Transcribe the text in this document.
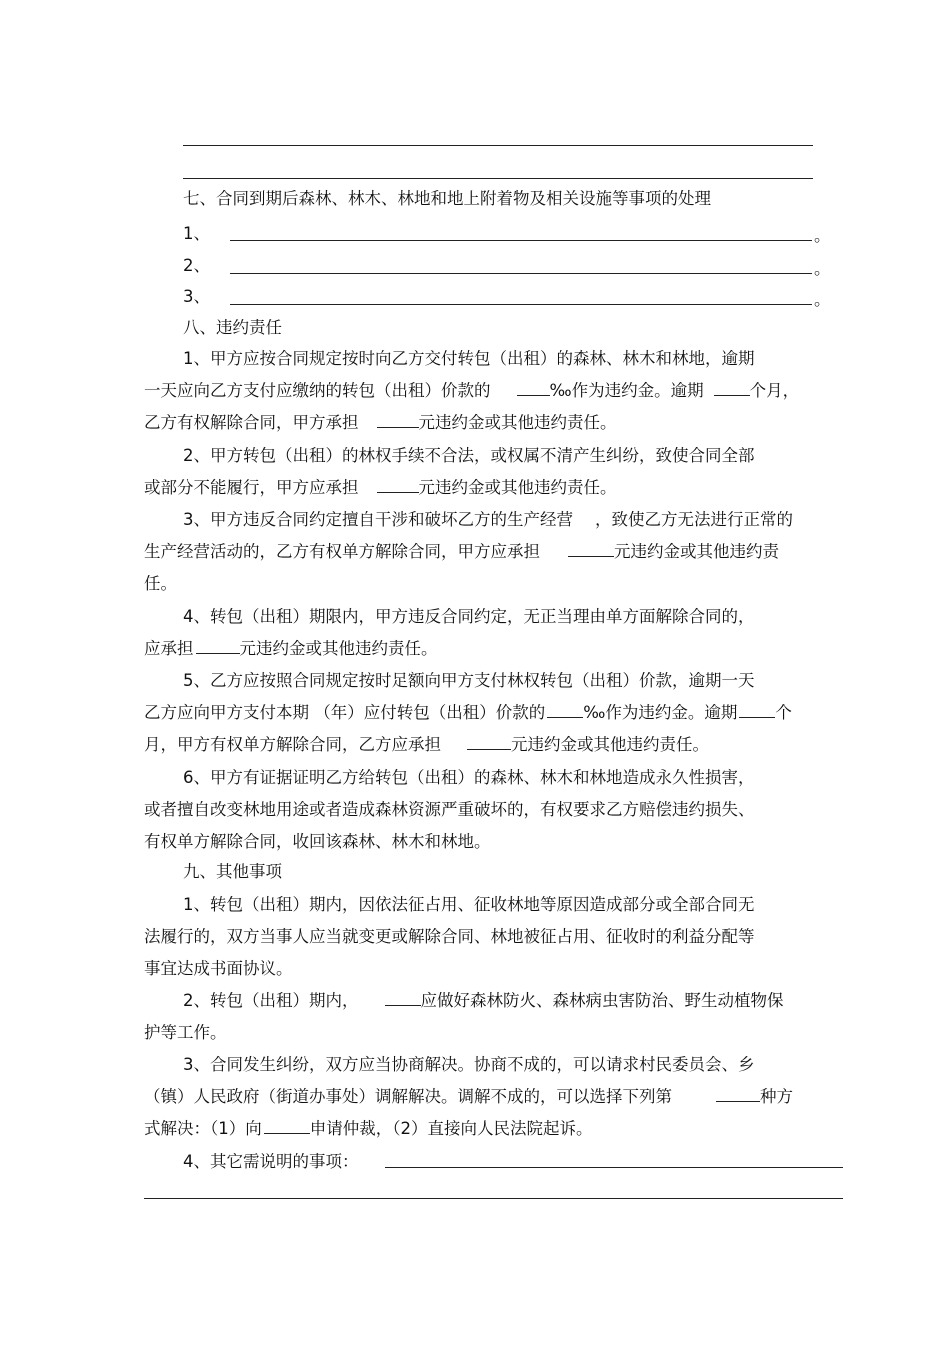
七、合同到期后森林、林木、林地和地上附着物及相关设施等事项的处理
1、	。
2、	。
3、	。
八、违约责任
1、甲方应按合同规定按时向乙方交付转包（出租）的森林、林木和林地，逾期
一天应向乙方支付应缴纳的转包（出租）价款的	‰作为违约金。逾期	个月，
乙方有权解除合同，甲方承担	元违约金或其他违约责任。
2、甲方转包（出租）的林权手续不合法，或权属不清产生纠纷，致使合同全部
或部分不能履行，甲方应承担	元违约金或其他违约责任。
3、甲方违反合同约定擅自干涉和破坏乙方的生产经营 ，致使乙方无法进行正常的
生产经营活动的，乙方有权单方解除合同，甲方应承担	元违约金或其他违约责
任。
4、转包（出租）期限内，甲方违反合同约定，无正当理由单方面解除合同的，
应承担	元违约金或其他违约责任。
5、乙方应按照合同规定按时足额向甲方支付林权转包（出租）价款，逾期一天
乙方应向甲方支付本期 （年）应付转包（出租）价款的 ‰作为违约金。逾期 个
月，甲方有权单方解除合同，乙方应承担	元违约金或其他违约责任。
6、甲方有证据证明乙方给转包（出租）的森林、林木和林地造成永久性损害，
或者擅自改变林地用途或者造成森林资源严重破坏的，有权要求乙方赔偿违约损失、
有权单方解除合同，收回该森林、林木和林地。
九、其他事项
1、转包（出租）期内，因依法征占用、征收林地等原因造成部分或全部合同无
法履行的，双方当事人应当就变更或解除合同、林地被征占用、征收时的利益分配等
事宜达成书面协议。
2、转包（出租）期内，	应做好森林防火、森林病虫害防治、野生动植物保
护等工作。
3、合同发生纠纷，双方应当协商解决。协商不成的，可以请求村民委员会、乡
（镇）人民政府（街道办事处）调解解决。调解不成的，可以选择下列第	种方
式解决：（1）向	申请仲裁，（2）直接向人民法院起诉。
4、其它需说明的事项：
